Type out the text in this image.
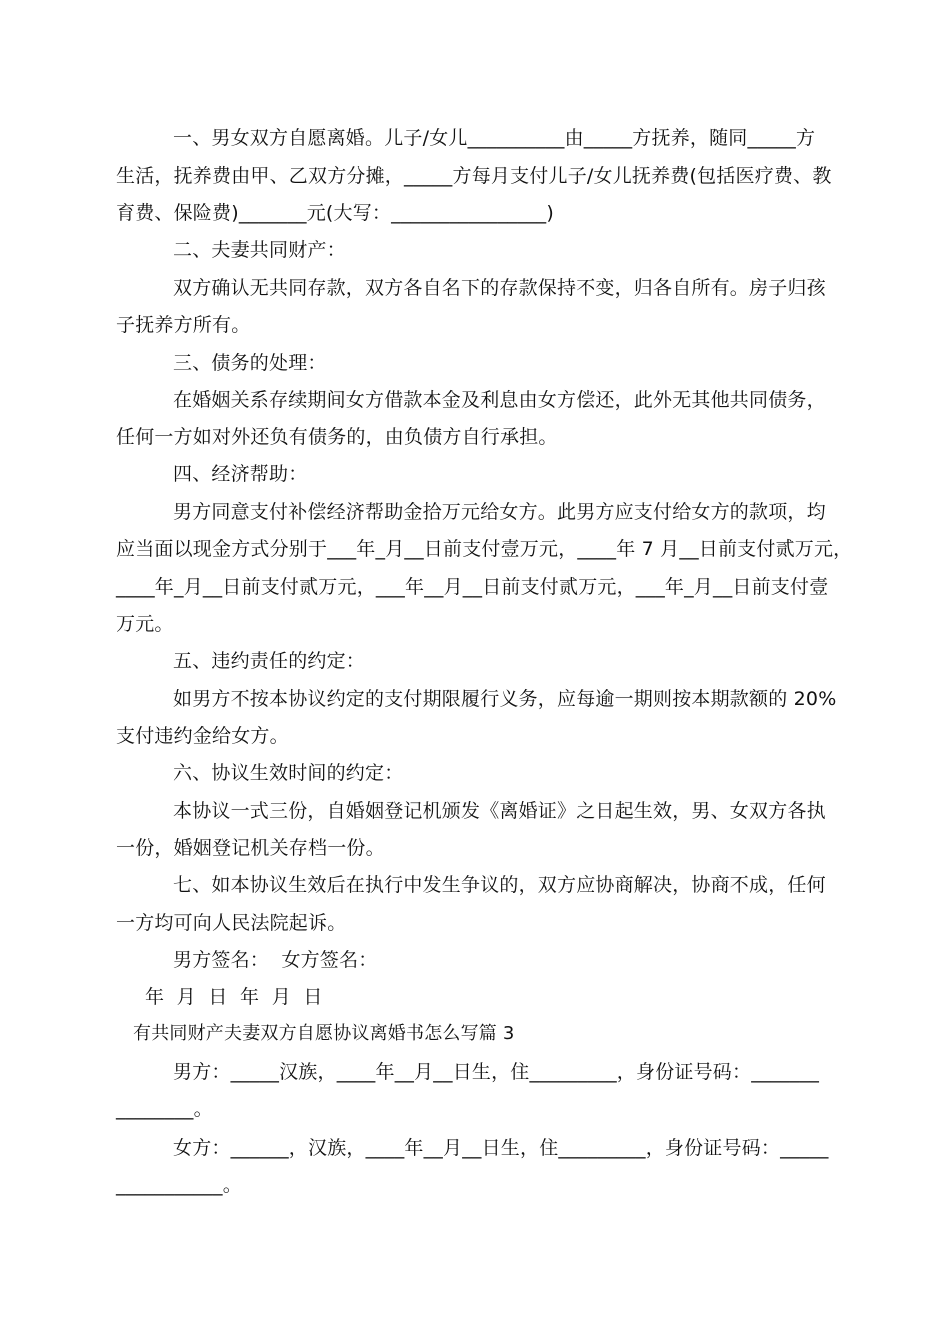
一、男女双方自愿离婚。儿子/女儿__________由_____方抚养，随同_____方
生活，抚养费由甲、乙双方分摊，_____方每月支付儿子/女儿抚养费(包括医疗费、教
育费、保险费)_______元(大写：________________)
二、夫妻共同财产：
双方确认无共同存款，双方各自名下的存款保持不变，归各自所有。房子归孩
子抚养方所有。
三、债务的处理：
在婚姻关系存续期间女方借款本金及利息由女方偿还，此外无其他共同债务，
任何一方如对外还负有债务的，由负债方自行承担。
四、经济帮助：
男方同意支付补偿经济帮助金拾万元给女方。此男方应支付给女方的款项，均
应当面以现金方式分别于___年_月__日前支付壹万元，____年 7 月__日前支付贰万元，
____年_月__日前支付贰万元，___年__月__日前支付贰万元，___年_月__日前支付壹
万元。
五、违约责任的约定：
如男方不按本协议约定的支付期限履行义务，应每逾一期则按本期款额的 20%
支付违约金给女方。
六、协议生效时间的约定：
本协议一式三份，自婚姻登记机颁发《离婚证》之日起生效，男、女双方各执
一份，婚姻登记机关存档一份。
七、如本协议生效后在执行中发生争议的，双方应协商解决，协商不成，任何
一方均可向人民法院起诉。
男方签名：  女方签名：
年  月  日  年  月  日
有共同财产夫妻双方自愿协议离婚书怎么写篇 3
男方：_____汉族，____年__月__日生，住_________，身份证号码：_______
________。
女方：______，汉族，____年__月__日生，住_________，身份证号码：_____
___________。
